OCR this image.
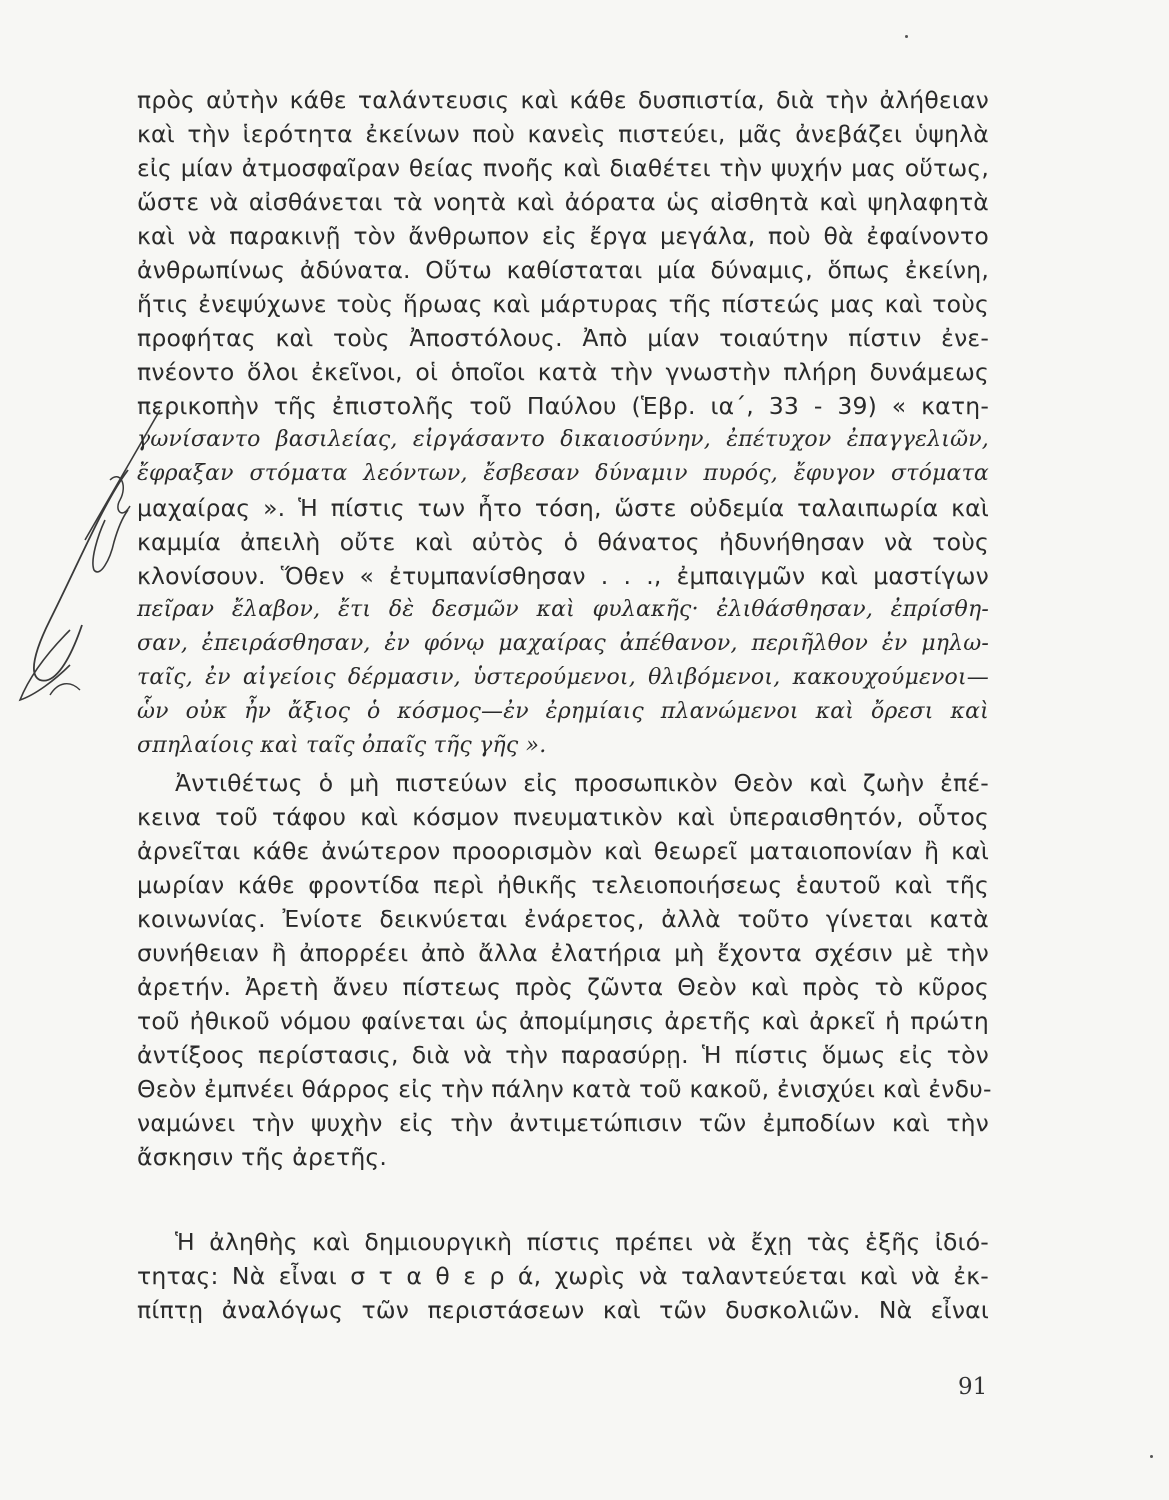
πρὸς αὐτὴν κάθε ταλάντευσις καὶ κάθε δυσπιστία, διὰ τὴν ἀλήθειαν
καὶ τὴν ἱερότητα ἐκείνων ποὺ κανεὶς πιστεύει, μᾶς ἀνεβάζει ὑψηλὰ
εἰς μίαν ἀτμοσφαῖραν θείας πνοῆς καὶ διαθέτει τὴν ψυχήν μας οὕτως,
ὥστε νὰ αἰσθάνεται τὰ νοητὰ καὶ ἀόρατα ὡς αἰσθητὰ καὶ ψηλαφητὰ
καὶ νὰ παρακινῇ τὸν ἄνθρωπον εἰς ἔργα μεγάλα, ποὺ θὰ ἐφαίνοντο
ἀνθρωπίνως ἀδύνατα. Οὕτω καθίσταται μία δύναμις, ὅπως ἐκείνη,
ἥτις ἐνεψύχωνε τοὺς ἥρωας καὶ μάρτυρας τῆς πίστεώς μας καὶ τοὺς
προφήτας καὶ τοὺς Ἀποστόλους. Ἀπὸ μίαν τοιαύτην πίστιν ἐνε-
πνέοντο ὅλοι ἐκεῖνοι, οἱ ὁποῖοι κατὰ τὴν γνωστὴν πλήρη δυνάμεως
περικοπὴν τῆς ἐπιστολῆς τοῦ Παύλου (Ἑβρ. ια΄, 33 - 39) « κατη-
γωνίσαντο βασιλείας, εἰργάσαντο δικαιοσύνην, ἐπέτυχον ἐπαγγελιῶν,
ἔφραξαν στόματα λεόντων, ἔσβεσαν δύναμιν πυρός, ἔφυγον στόματα
μαχαίρας ». Ἡ πίστις των ἦτο τόση, ὥστε οὐδεμία ταλαιπωρία καὶ
καμμία ἀπειλὴ οὔτε καὶ αὐτὸς ὁ θάνατος ἠδυνήθησαν νὰ τοὺς
κλονίσουν. Ὅθεν « ἐτυμπανίσθησαν . . ., ἐμπαιγμῶν καὶ μαστίγων
πεῖραν ἔλαβον, ἔτι δὲ δεσμῶν καὶ φυλακῆς· ἐλιθάσθησαν, ἐπρίσθη-
σαν, ἐπειράσθησαν, ἐν φόνῳ μαχαίρας ἀπέθανον, περιῆλθον ἐν μηλω-
ταῖς, ἐν αἰγείοις δέρμασιν, ὑστερούμενοι, θλιβόμενοι, κακουχούμενοι—
ὧν οὐκ ἦν ἄξιος ὁ κόσμος—ἐν ἐρημίαις πλανώμενοι καὶ ὄρεσι καὶ
σπηλαίοις καὶ ταῖς ὀπαῖς τῆς γῆς ».
Ἀντιθέτως ὁ μὴ πιστεύων εἰς προσωπικὸν Θεὸν καὶ ζωὴν ἐπέ-
κεινα τοῦ τάφου καὶ κόσμον πνευματικὸν καὶ ὑπεραισθητόν, οὗτος
ἀρνεῖται κάθε ἀνώτερον προορισμὸν καὶ θεωρεῖ ματαιοπονίαν ἢ καὶ
μωρίαν κάθε φροντίδα περὶ ἠθικῆς τελειοποιήσεως ἑαυτοῦ καὶ τῆς
κοινωνίας. Ἐνίοτε δεικνύεται ἐνάρετος, ἀλλὰ τοῦτο γίνεται κατὰ
συνήθειαν ἢ ἀπορρέει ἀπὸ ἄλλα ἐλατήρια μὴ ἔχοντα σχέσιν μὲ τὴν
ἀρετήν. Ἀρετὴ ἄνευ πίστεως πρὸς ζῶντα Θεὸν καὶ πρὸς τὸ κῦρος
τοῦ ἠθικοῦ νόμου φαίνεται ὡς ἀπομίμησις ἀρετῆς καὶ ἀρκεῖ ἡ πρώτη
ἀντίξοος περίστασις, διὰ νὰ τὴν παρασύρῃ. Ἡ πίστις ὅμως εἰς τὸν
Θεὸν ἐμπνέει θάρρος εἰς τὴν πάλην κατὰ τοῦ κακοῦ, ἐνισχύει καὶ ἐνδυ-
ναμώνει τὴν ψυχὴν εἰς τὴν ἀντιμετώπισιν τῶν ἐμποδίων καὶ τὴν
ἄσκησιν τῆς ἀρετῆς.
Ἡ ἀληθὴς καὶ δημιουργικὴ πίστις πρέπει νὰ ἔχῃ τὰς ἑξῆς ἰδιό-
τητας: Νὰ εἶναι σ τ α θ ε ρ ά, χωρὶς νὰ ταλαντεύεται καὶ νὰ ἐκ-
πίπτῃ ἀναλόγως τῶν περιστάσεων καὶ τῶν δυσκολιῶν. Νὰ εἶναι
91
